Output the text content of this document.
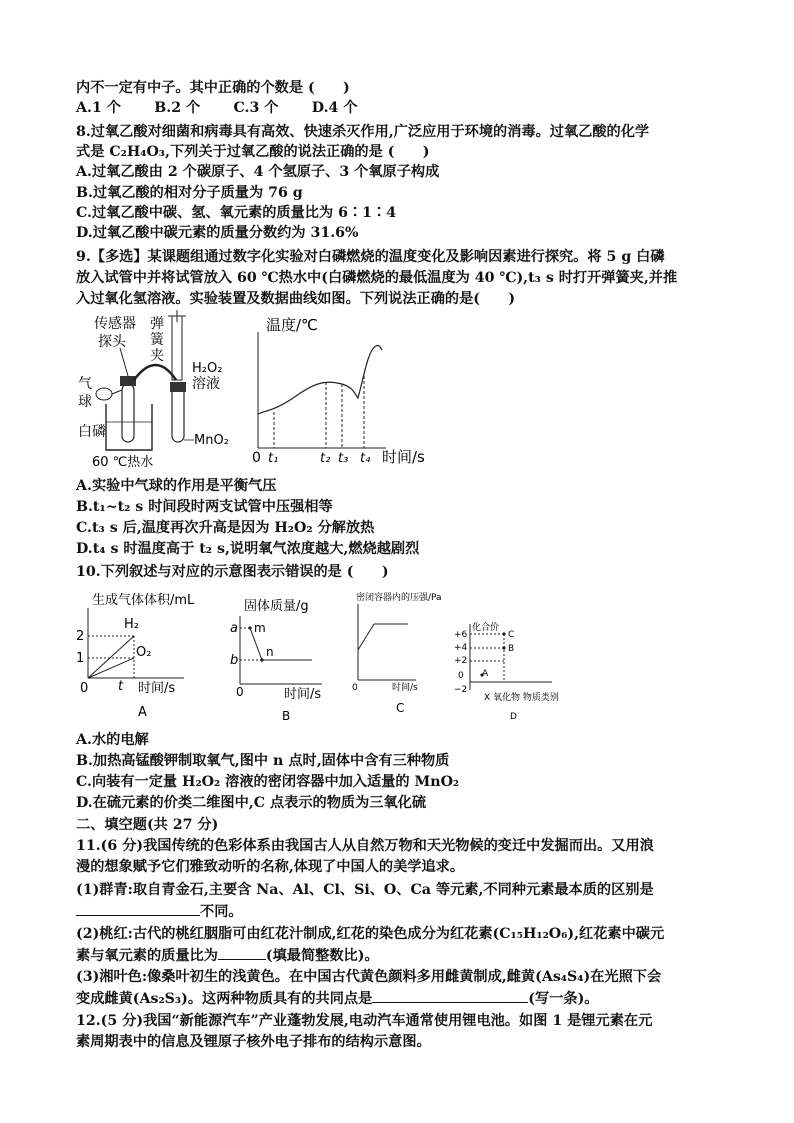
内不一定有中子。其中正确的个数是 (　　)
A.1 个　　 B.2 个　　 C.3 个　　 D.4 个
8.过氧乙酸对细菌和病毒具有高效、快速杀灭作用,广泛应用于环境的消毒。过氧乙酸的化学
式是 C₂H₄O₃,下列关于过氧乙酸的说法正确的是 (　　)
A.过氧乙酸由 2 个碳原子、4 个氢原子、3 个氧原子构成
B.过氧乙酸的相对分子质量为 76 g
C.过氧乙酸中碳、氢、氧元素的质量比为 6∶1∶4
D.过氧乙酸中碳元素的质量分数约为 31.6%
9.【多选】某课题组通过数字化实验对白磷燃烧的温度变化及影响因素进行探究。将 5 g 白磷
放入试管中并将试管放入 60 ℃热水中(白磷燃烧的最低温度为 40 ℃),t₃ s 时打开弹簧夹,并推
入过氧化氢溶液。实验装置及数据曲线如图。下列说法正确的是(　　)
传感器
探头
弹
簧
夹
H₂O₂
溶液
气
球
白磷
MnO₂
60 ℃热水
温度/℃
0 t₁	t₂ t₃ t₄ 时间/s
A.实验中气球的作用是平衡气压
B.t₁~t₂ s 时间段时两支试管中压强相等
C.t₃ s 后,温度再次升高是因为 H₂O₂ 分解放热
D.t₄ s 时温度高于 t₂ s,说明氧气浓度越大,燃烧越剧烈
10.下列叙述与对应的示意图表示错误的是 (　　)
生成气体体积/mL
2
1
0 t 时间/s
H₂
O₂
A
固体质量/g
a
b
m
n
0	时间/s
B
密闭容器内的压强/Pa
0	时间/s
C
化合价
+6
+4
+2
0
−2
C
B
A
X 氧化物 物质类别
D
A.水的电解
B.加热高锰酸钾制取氧气,图中 n 点时,固体中含有三种物质
C.向装有一定量 H₂O₂ 溶液的密闭容器中加入适量的 MnO₂
D.在硫元素的价类二维图中,C 点表示的物质为三氧化硫
二、填空题(共 27 分)
11.(6 分)我国传统的色彩体系由我国古人从自然万物和天光物候的变迁中发掘而出。又用浪
漫的想象赋予它们雅致动听的名称,体现了中国人的美学追求。
(1)群青:取自青金石,主要含 Na、Al、Cl、Si、O、Ca 等元素,不同种元素最本质的区别是
不同。
(2)桃红:古代的桃红胭脂可由红花汁制成,红花的染色成分为红花素(C₁₅H₁₂O₆),红花素中碳元
素与氧元素的质量比为	(填最简整数比)。
(3)湘叶色:像桑叶初生的浅黄色。在中国古代黄色颜料多用雌黄制成,雌黄(As₄S₄)在光照下会
变成雌黄(As₂S₃)。这两种物质具有的共同点是	(写一条)。
12.(5 分)我国“新能源汽车”产业蓬勃发展,电动汽车通常使用锂电池。如图 1 是锂元素在元
素周期表中的信息及锂原子核外电子排布的结构示意图。
